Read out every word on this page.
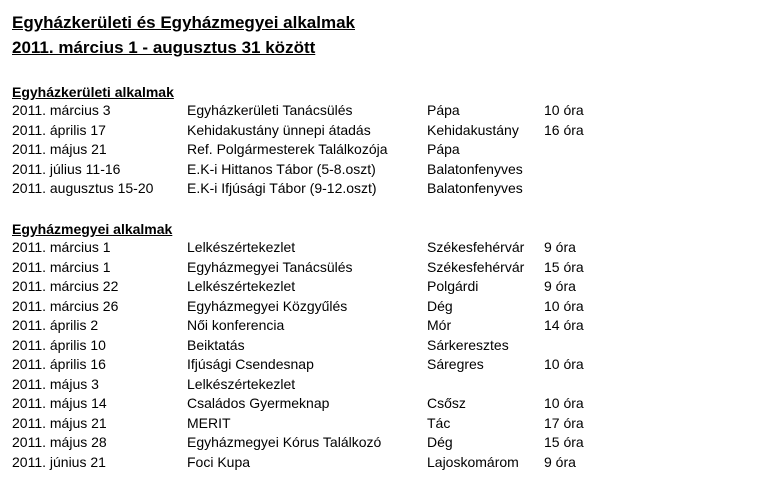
Egyházkerületi és Egyházmegyei alkalmak
2011. március 1 - augusztus 31 között
Egyházkerületi alkalmak
2011. március 3	Egyházkerületi Tanácsülés	Pápa	10 óra
2011. április 17	Kehidakustány ünnepi átadás	Kehidakustány 16 óra
2011. május 21	Ref. Polgármesterek Találkozója	Pápa
2011. július 11-16	E.K-i Hittanos Tábor (5-8.oszt)	Balatonfenyves
2011. augusztus 15-20 E.K-i Ifjúsági Tábor (9-12.oszt)	Balatonfenyves
Egyházmegyei alkalmak
2011. március 1	Lelkészértekezlet	Székesfehérvár 9 óra
2011. március 1	Egyházmegyei Tanácsülés	Székesfehérvár 15 óra
2011. március 22	Lelkészértekezlet	Polgárdi	9 óra
2011. március 26	Egyházmegyei Közgyűlés	Dég	10 óra
2011. április 2	Női konferencia	Mór	14 óra
2011. április 10	Beiktatás	Sárkeresztes
2011. április 16	Ifjúsági Csendesnap	Sáregres	10 óra
2011. május 3	Lelkészértekezlet
2011. május 14	Családos Gyermeknap	Csősz	10 óra
2011. május 21	MERIT	Tác	17 óra
2011. május 28	Egyházmegyei Kórus Találkozó	Dég	15 óra
2011. június 21	Foci Kupa	Lajoskomárom 9 óra
